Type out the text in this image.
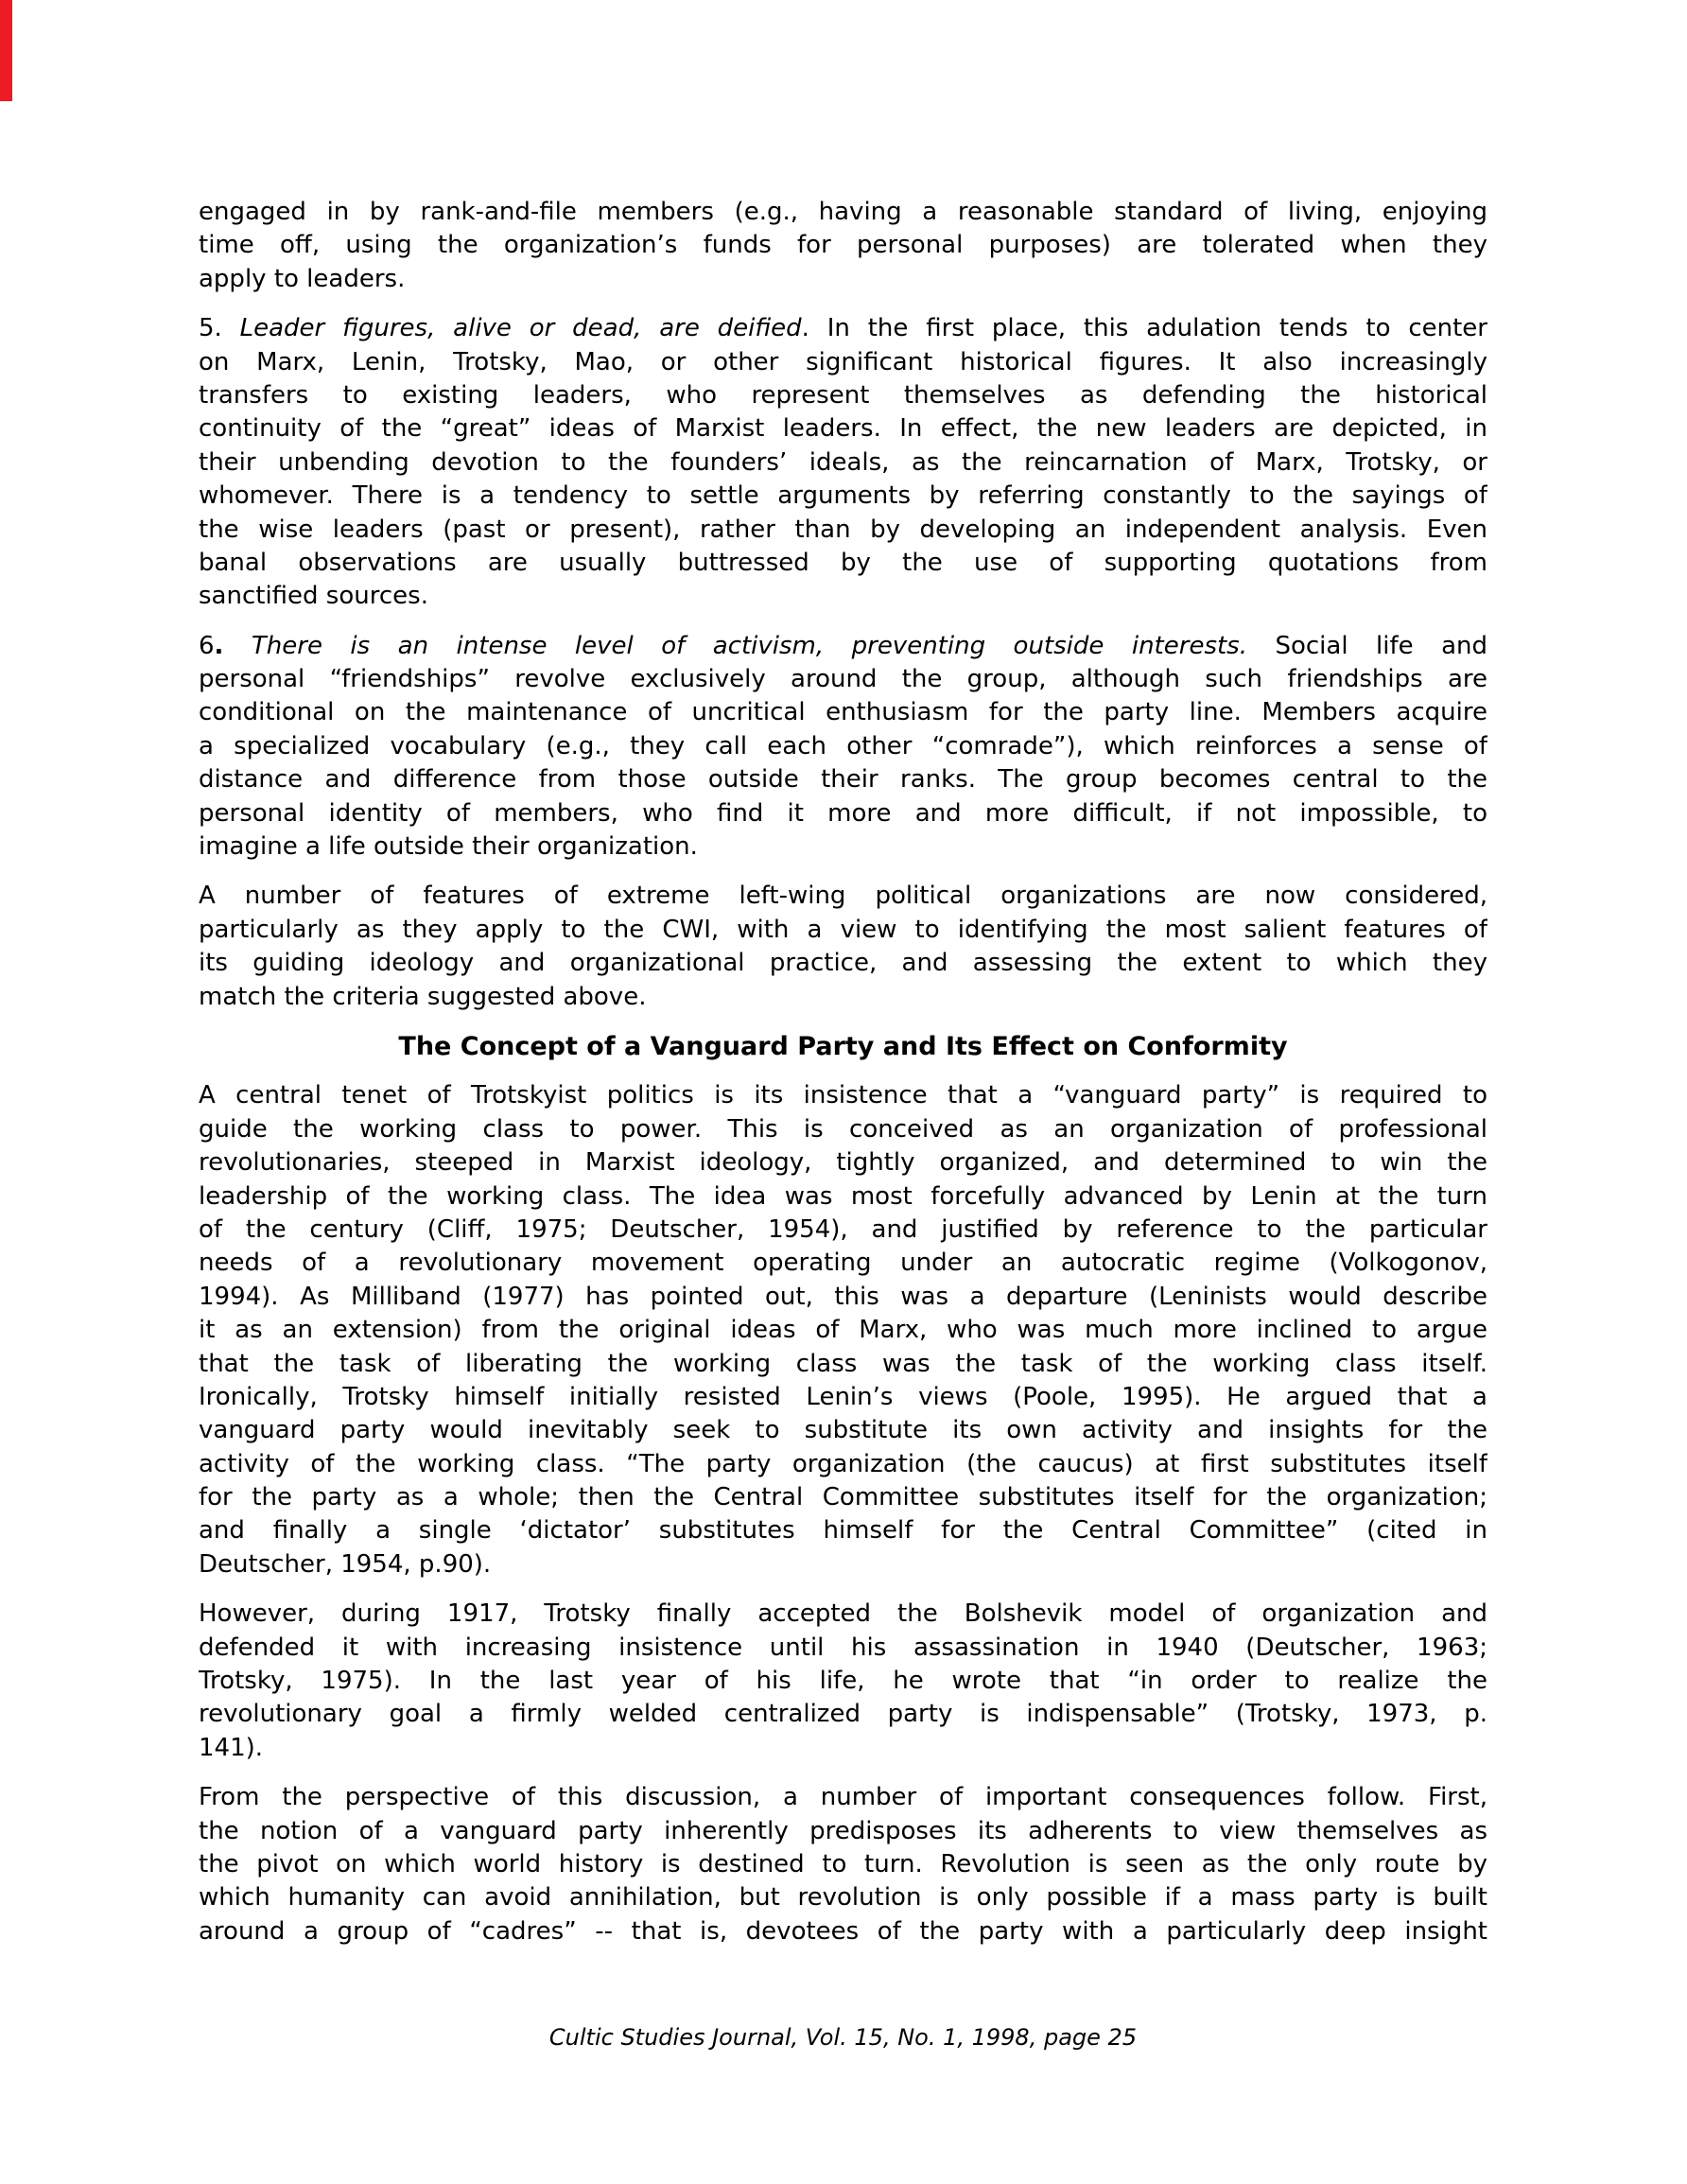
engaged in by rank-and-file members (e.g., having a reasonable standard of living, enjoying
time off, using the organization’s funds for personal purposes) are tolerated when they
apply to leaders.
5. Leader figures, alive or dead, are deified. In the first place, this adulation tends to center
on Marx, Lenin, Trotsky, Mao, or other significant historical figures. It also increasingly
transfers to existing leaders, who represent themselves as defending the historical
continuity of the “great” ideas of Marxist leaders. In effect, the new leaders are depicted, in
their unbending devotion to the founders’ ideals, as the reincarnation of Marx, Trotsky, or
whomever. There is a tendency to settle arguments by referring constantly to the sayings of
the wise leaders (past or present), rather than by developing an independent analysis. Even
banal observations are usually buttressed by the use of supporting quotations from
sanctified sources.
6. There is an intense level of activism, preventing outside interests. Social life and
personal “friendships” revolve exclusively around the group, although such friendships are
conditional on the maintenance of uncritical enthusiasm for the party line. Members acquire
a specialized vocabulary (e.g., they call each other “comrade”), which reinforces a sense of
distance and difference from those outside their ranks. The group becomes central to the
personal identity of members, who find it more and more difficult, if not impossible, to
imagine a life outside their organization.
A number of features of extreme left-wing political organizations are now considered,
particularly as they apply to the CWI, with a view to identifying the most salient features of
its guiding ideology and organizational practice, and assessing the extent to which they
match the criteria suggested above.
The Concept of a Vanguard Party and Its Effect on Conformity
A central tenet of Trotskyist politics is its insistence that a “vanguard party” is required to
guide the working class to power. This is conceived as an organization of professional
revolutionaries, steeped in Marxist ideology, tightly organized, and determined to win the
leadership of the working class. The idea was most forcefully advanced by Lenin at the turn
of the century (Cliff, 1975; Deutscher, 1954), and justified by reference to the particular
needs of a revolutionary movement operating under an autocratic regime (Volkogonov,
1994). As Milliband (1977) has pointed out, this was a departure (Leninists would describe
it as an extension) from the original ideas of Marx, who was much more inclined to argue
that the task of liberating the working class was the task of the working class itself.
Ironically, Trotsky himself initially resisted Lenin’s views (Poole, 1995). He argued that a
vanguard party would inevitably seek to substitute its own activity and insights for the
activity of the working class. “The party organization (the caucus) at first substitutes itself
for the party as a whole; then the Central Committee substitutes itself for the organization;
and finally a single ‘dictator’ substitutes himself for the Central Committee” (cited in
Deutscher, 1954, p.90).
However, during 1917, Trotsky finally accepted the Bolshevik model of organization and
defended it with increasing insistence until his assassination in 1940 (Deutscher, 1963;
Trotsky, 1975). In the last year of his life, he wrote that “in order to realize the
revolutionary goal a firmly welded centralized party is indispensable” (Trotsky, 1973, p.
141).
From the perspective of this discussion, a number of important consequences follow. First,
the notion of a vanguard party inherently predisposes its adherents to view themselves as
the pivot on which world history is destined to turn. Revolution is seen as the only route by
which humanity can avoid annihilation, but revolution is only possible if a mass party is built
around a group of “cadres” -- that is, devotees of the party with a particularly deep insight
Cultic Studies Journal, Vol. 15, No. 1, 1998, page 25
